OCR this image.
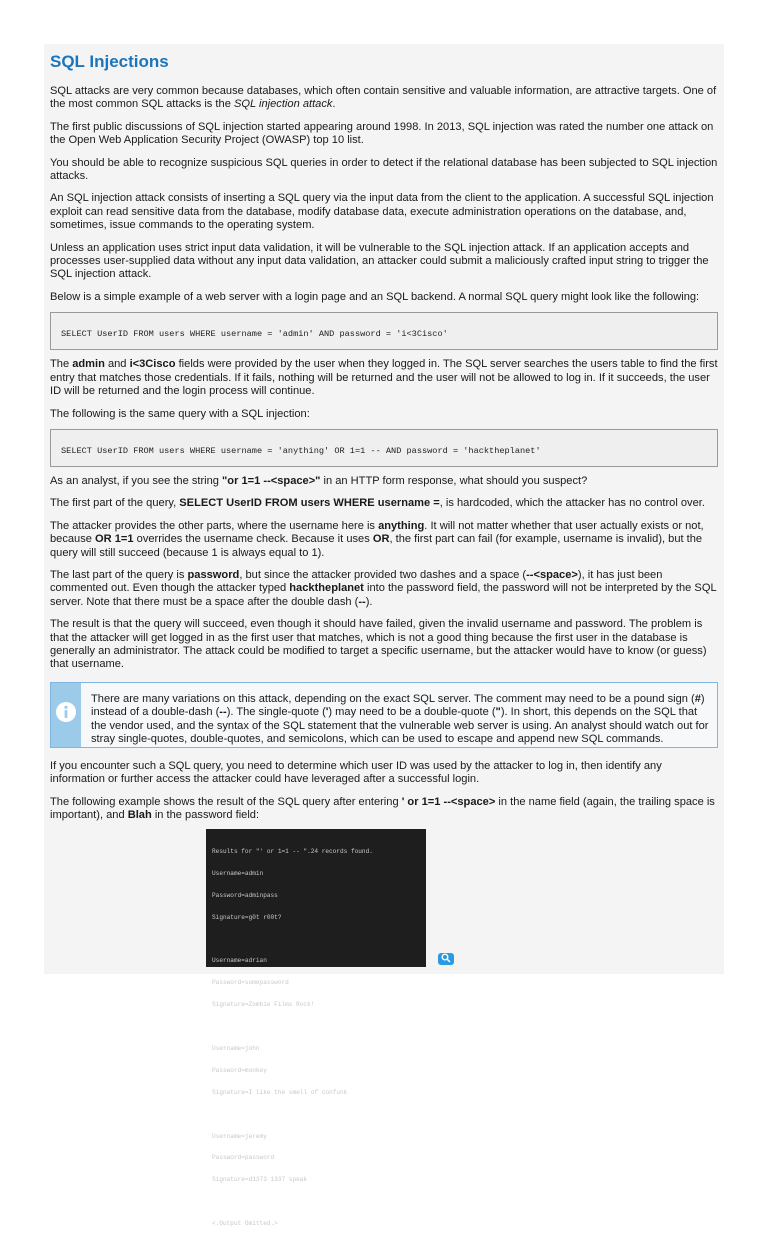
SQL Injections

SQL attacks are very common because databases, which often contain sensitive and valuable information, are attractive targets. One of the most common SQL attacks is the SQL injection attack.

The first public discussions of SQL injection started appearing around 1998. In 2013, SQL injection was rated the number one attack on the Open Web Application Security Project (OWASP) top 10 list.

You should be able to recognize suspicious SQL queries in order to detect if the relational database has been subjected to SQL injection attacks.

An SQL injection attack consists of inserting a SQL query via the input data from the client to the application. A successful SQL injection exploit can read sensitive data from the database, modify database data, execute administration operations on the database, and, sometimes, issue commands to the operating system.

Unless an application uses strict input data validation, it will be vulnerable to the SQL injection attack. If an application accepts and processes user-supplied data without any input data validation, an attacker could submit a maliciously crafted input string to trigger the SQL injection attack.

Below is a simple example of a web server with a login page and an SQL backend. A normal SQL query might look like the following:

SELECT UserID FROM users WHERE username = 'admin' AND password = 'i<3Cisco'

The admin and i<3Cisco fields were provided by the user when they logged in. The SQL server searches the users table to find the first entry that matches those credentials. If it fails, nothing will be returned and the user will not be allowed to log in. If it succeeds, the user ID will be returned and the login process will continue.

The following is the same query with a SQL injection:

SELECT UserID FROM users WHERE username = 'anything' OR 1=1 -- AND password = 'hacktheplanet'

As an analyst, if you see the string "or 1=1 --<space>" in an HTTP form response, what should you suspect?

The first part of the query, SELECT UserID FROM users WHERE username =, is hardcoded, which the attacker has no control over.

The attacker provides the other parts, where the username here is anything. It will not matter whether that user actually exists or not, because OR 1=1 overrides the username check. Because it uses OR, the first part can fail (for example, username is invalid), but the query will still succeed (because 1 is always equal to 1).

The last part of the query is password, but since the attacker provided two dashes and a space (--<space>), it has just been commented out. Even though the attacker typed hacktheplanet into the password field, the password will not be interpreted by the SQL server. Note that there must be a space after the double dash (--).

The result is that the query will succeed, even though it should have failed, given the invalid username and password. The problem is that the attacker will get logged in as the first user that matches, which is not a good thing because the first user in the database is generally an administrator. The attack could be modified to target a specific username, but the attacker would have to know (or guess) that username.

There are many variations on this attack, depending on the exact SQL server. The comment may need to be a pound sign (#) instead of a double-dash (--). The single-quote (') may need to be a double-quote ("). In short, this depends on the SQL that the vendor used, and the syntax of the SQL statement that the vulnerable web server is using. An analyst should watch out for stray single-quotes, double-quotes, and semicolons, which can be used to escape and append new SQL commands.

If you encounter such a SQL query, you need to determine which user ID was used by the attacker to log in, then identify any information or further access the attacker could have leveraged after a successful login.

The following example shows the result of the SQL query after entering ' or 1=1 --<space> in the name field (again, the trailing space is important), and Blah in the password field:

Results for "' or 1=1 -- ".24 records found.

Username=admin

Password=adminpass

Signature=g0t r00t?

Username=adrian

Password=somepassword

Signature=Zombie Films Rock!

Username=john

Password=monkey

Signature=I like the smell of confunk

Username=jeremy

Password=password

Signature=d1373 1337 speak

<.Output Omitted.>
